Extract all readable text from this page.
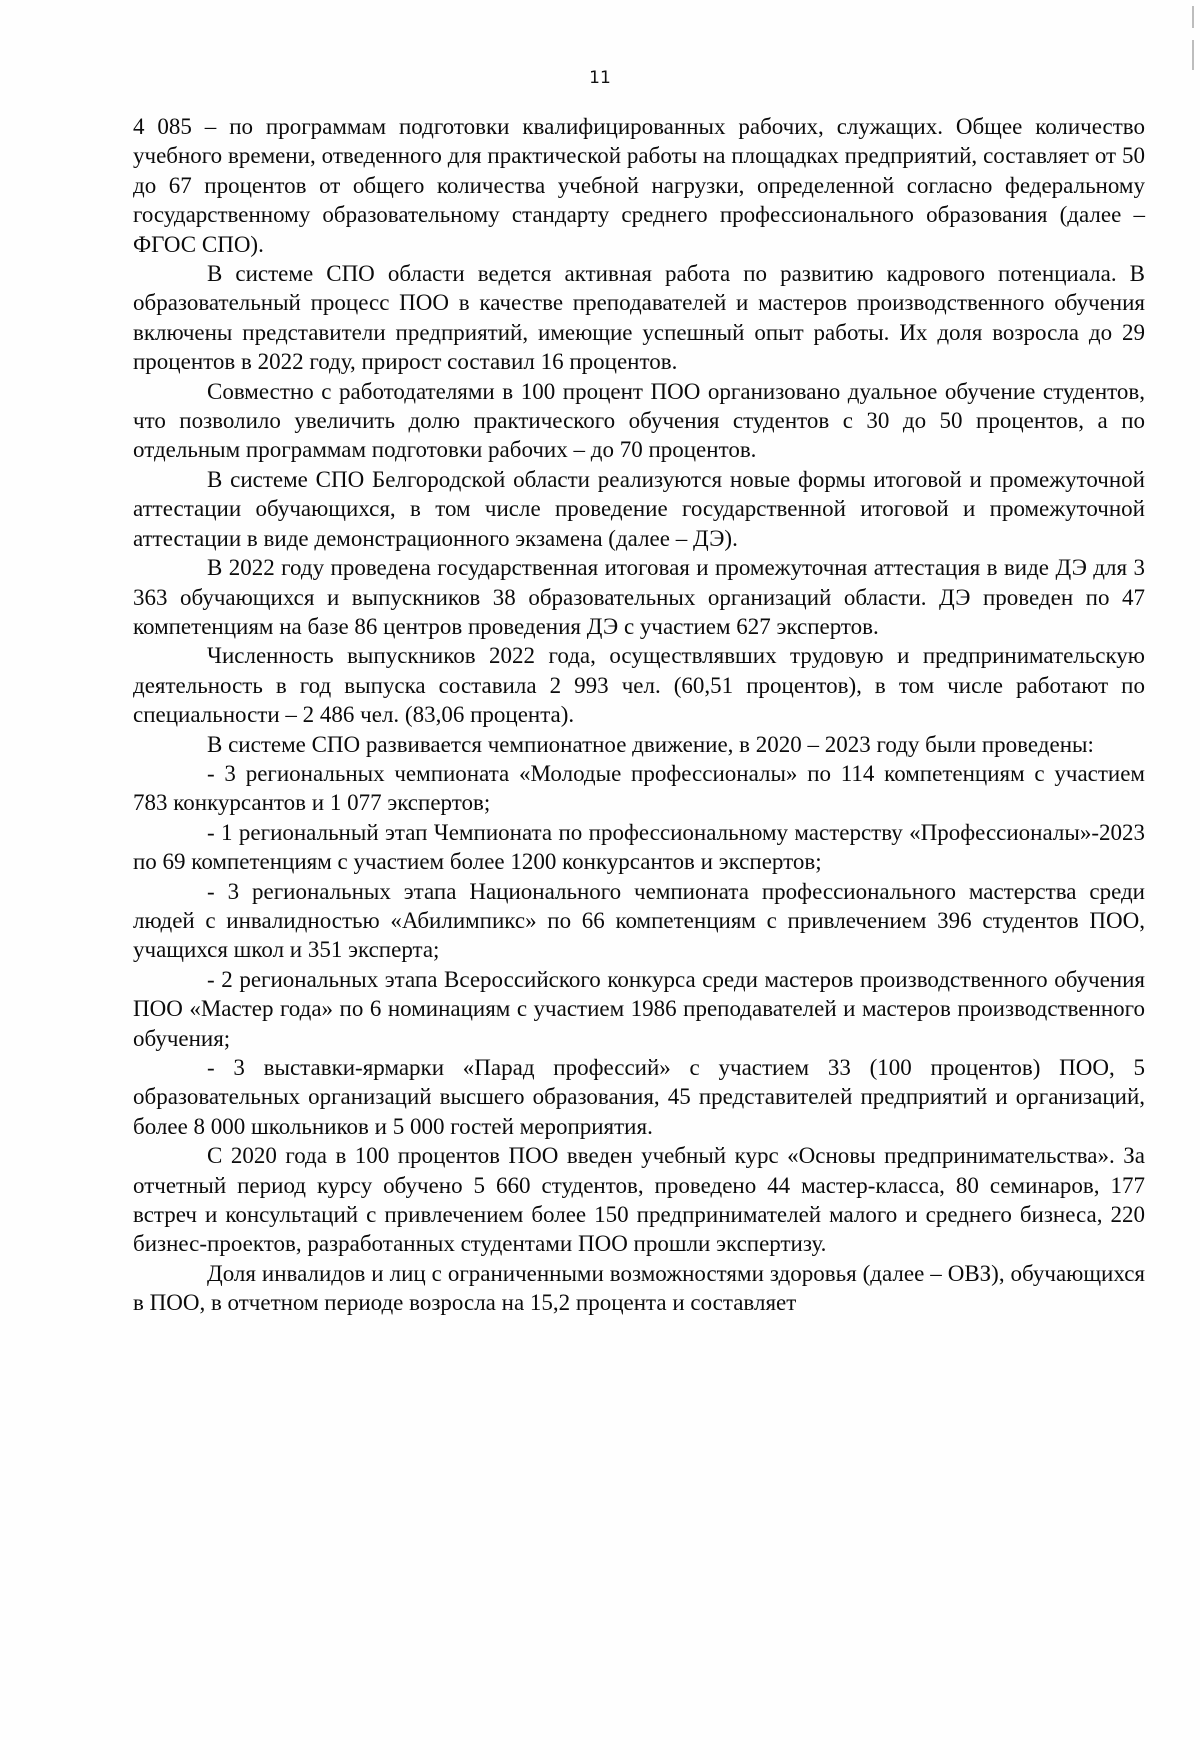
11

4 085 – по программам подготовки квалифицированных рабочих, служащих. Общее количество учебного времени, отведенного для практической работы на площадках предприятий, составляет от 50 до 67 процентов от общего количества учебной нагрузки, определенной согласно федеральному государственному образовательному стандарту среднего профессионального образования (далее – ФГОС СПО).

В системе СПО области ведется активная работа по развитию кадрового потенциала. В образовательный процесс ПОО в качестве преподавателей и мастеров производственного обучения включены представители предприятий, имеющие успешный опыт работы. Их доля возросла до 29 процентов в 2022 году, прирост составил 16 процентов.

Совместно с работодателями в 100 процент ПОО организовано дуальное обучение студентов, что позволило увеличить долю практического обучения студентов с 30 до 50 процентов, а по отдельным программам подготовки рабочих – до 70 процентов.

В системе СПО Белгородской области реализуются новые формы итоговой и промежуточной аттестации обучающихся, в том числе проведение государственной итоговой и промежуточной аттестации в виде демонстрационного экзамена (далее – ДЭ).

В 2022 году проведена государственная итоговая и промежуточная аттестация в виде ДЭ для 3 363 обучающихся и выпускников 38 образовательных организаций области. ДЭ проведен по 47 компетенциям на базе 86 центров проведения ДЭ с участием 627 экспертов.

Численность выпускников 2022 года, осуществлявших трудовую и предпринимательскую деятельность в год выпуска составила 2 993 чел. (60,51 процентов), в том числе работают по специальности – 2 486 чел. (83,06 процента).

В системе СПО развивается чемпионатное движение, в 2020 – 2023 году были проведены:

- 3 региональных чемпионата «Молодые профессионалы» по 114 компетенциям с участием 783 конкурсантов и 1 077 экспертов;

- 1 региональный этап Чемпионата по профессиональному мастерству «Профессионалы»-2023 по 69 компетенциям с участием более 1200 конкурсантов и экспертов;

- 3 региональных этапа Национального чемпионата профессионального мастерства среди людей с инвалидностью «Абилимпикс» по 66 компетенциям с привлечением 396 студентов ПОО, учащихся школ и 351 эксперта;

- 2 региональных этапа Всероссийского конкурса среди мастеров производственного обучения ПОО «Мастер года» по 6 номинациям с участием 1986 преподавателей и мастеров производственного обучения;

- 3 выставки-ярмарки «Парад профессий» с участием 33 (100 процентов) ПОО, 5 образовательных организаций высшего образования, 45 представителей предприятий и организаций, более 8 000 школьников и 5 000 гостей мероприятия.

С 2020 года в 100 процентов ПОО введен учебный курс «Основы предпринимательства». За отчетный период курсу обучено 5 660 студентов, проведено 44 мастер-класса, 80 семинаров, 177 встреч и консультаций с привлечением более 150 предпринимателей малого и среднего бизнеса, 220 бизнес-проектов, разработанных студентами ПОО прошли экспертизу.

Доля инвалидов и лиц с ограниченными возможностями здоровья (далее – ОВЗ), обучающихся в ПОО, в отчетном периоде возросла на 15,2 процента и составляет
